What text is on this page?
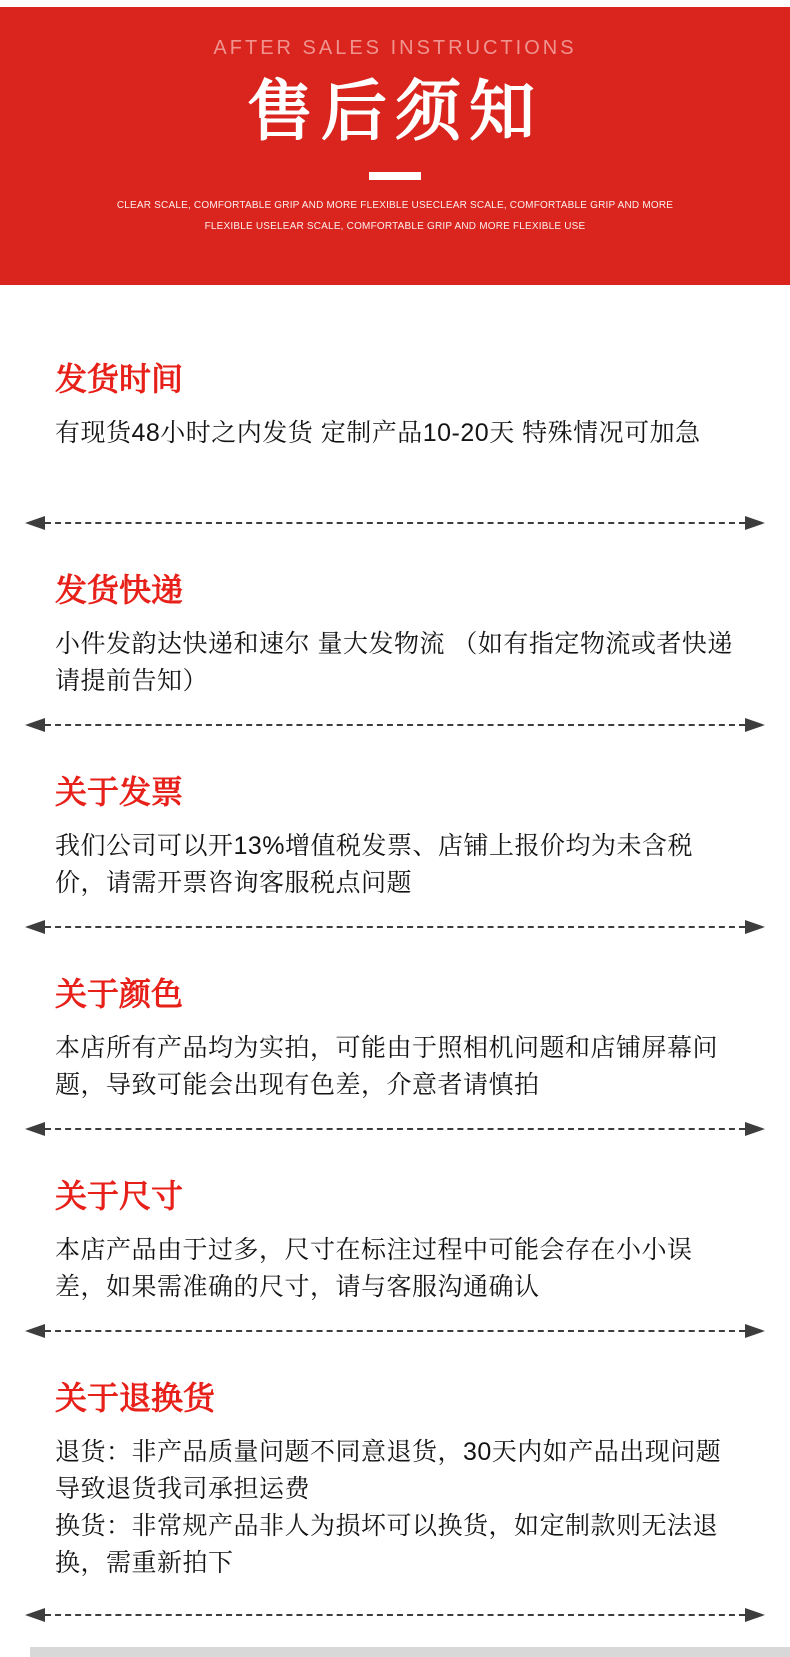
AFTER SALES INSTRUCTIONS
售后须知
CLEAR SCALE, COMFORTABLE GRIP AND MORE FLEXIBLE USECLEAR SCALE, COMFORTABLE GRIP AND MORE
FLEXIBLE USELEAR SCALE, COMFORTABLE GRIP AND MORE FLEXIBLE USE
发货时间

有现货48小时之内发货 定制产品10-20天 特殊情况可加急

发货快递

小件发韵达快递和速尔 量大发物流 （如有指定物流或者快递请提前告知）

关于发票

我们公司可以开13%增值税发票、店铺上报价均为未含税价，请需开票咨询客服税点问题

关于颜色

本店所有产品均为实拍，可能由于照相机问题和店铺屏幕问题，导致可能会出现有色差，介意者请慎拍

关于尺寸

本店产品由于过多，尺寸在标注过程中可能会存在小小误差，如果需准确的尺寸，请与客服沟通确认

关于退换货

退货：非产品质量问题不同意退货，30天内如产品出现问题导致退货我司承担运费

换货：非常规产品非人为损坏可以换货，如定制款则无法退换，需重新拍下
